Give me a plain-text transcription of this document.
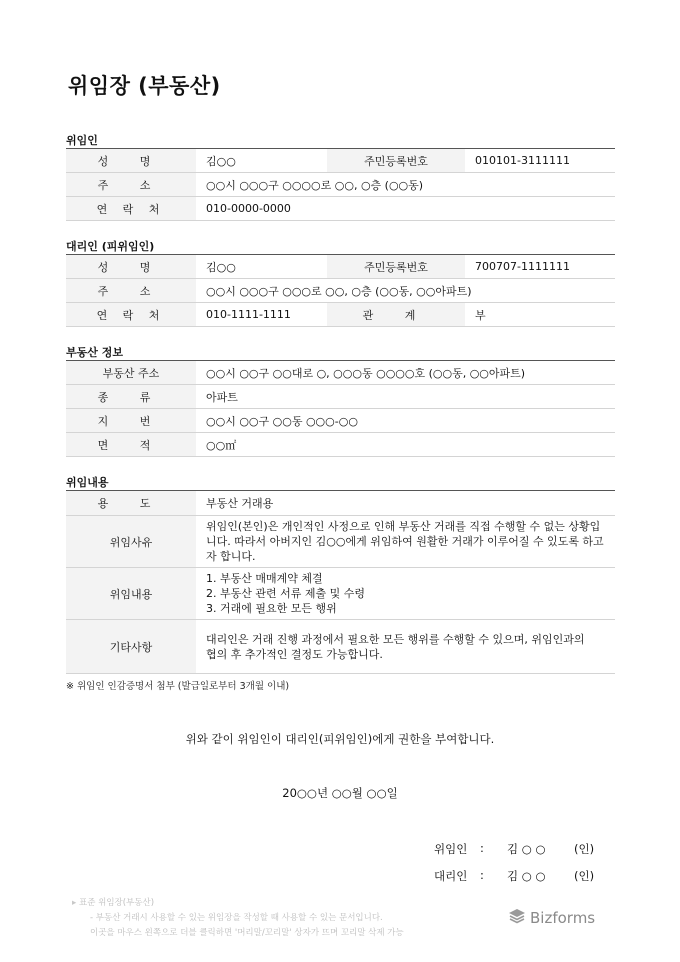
위임장 (부동산)
위임인
성 명	김○○	주민등록번호	010101-3111111
주 소	○○시 ○○○구 ○○○○로 ○○, ○층 (○○동)		
연 락 처	010-0000-0000		
대리인 (피위임인)
성 명	김○○	주민등록번호	700707-1111111
주 소	○○시 ○○○구 ○○○로 ○○, ○층 (○○동, ○○아파트)		
연 락 처	010-1111-1111	관 계	부
부동산 정보
부동산 주소	○○시 ○○구 ○○대로 ○, ○○○동 ○○○○호 (○○동, ○○아파트)
종 류	아파트
지 번	○○시 ○○구 ○○동 ○○○-○○
면 적	○○㎡
위임내용
용 도	부동산 거래용
위임사유	위임인(본인)은 개인적인 사정으로 인해 부동산 거래를 직접 수행할 수 없는 상황입니다. 따라서 아버지인 김○○에게 위임하여 원활한 거래가 이루어질 수 있도록 하고자 합니다.
위임내용	1. 부동산 매매계약 체결
2. 부동산 관련 서류 제출 및 수령
3. 거래에 필요한 모든 행위

기타사항	대리인은 거래 진행 과정에서 필요한 모든 행위를 수행할 수 있으며, 위임인과의 협의 후 추가적인 결정도 가능합니다.
※ 위임인 인감증명서 첨부 (발급일로부터 3개월 이내)
위와 같이 위임인이 대리인(피위임인)에게 권한을 부여합니다.
20○○년 ○○월 ○○일
위임인 : 김 ○ ○ (인)
대리인 : 김 ○ ○ (인)
▸ 표준 위임장(부동산)
- 부동산 거래시 사용할 수 있는 위임장을 작성할 때 사용할 수 있는 문서입니다.
이곳을 마우스 왼쪽으로 더블 클릭하면 '머리말/꼬리말' 상자가 뜨며 꼬리말 삭제 가능
Bizforms
